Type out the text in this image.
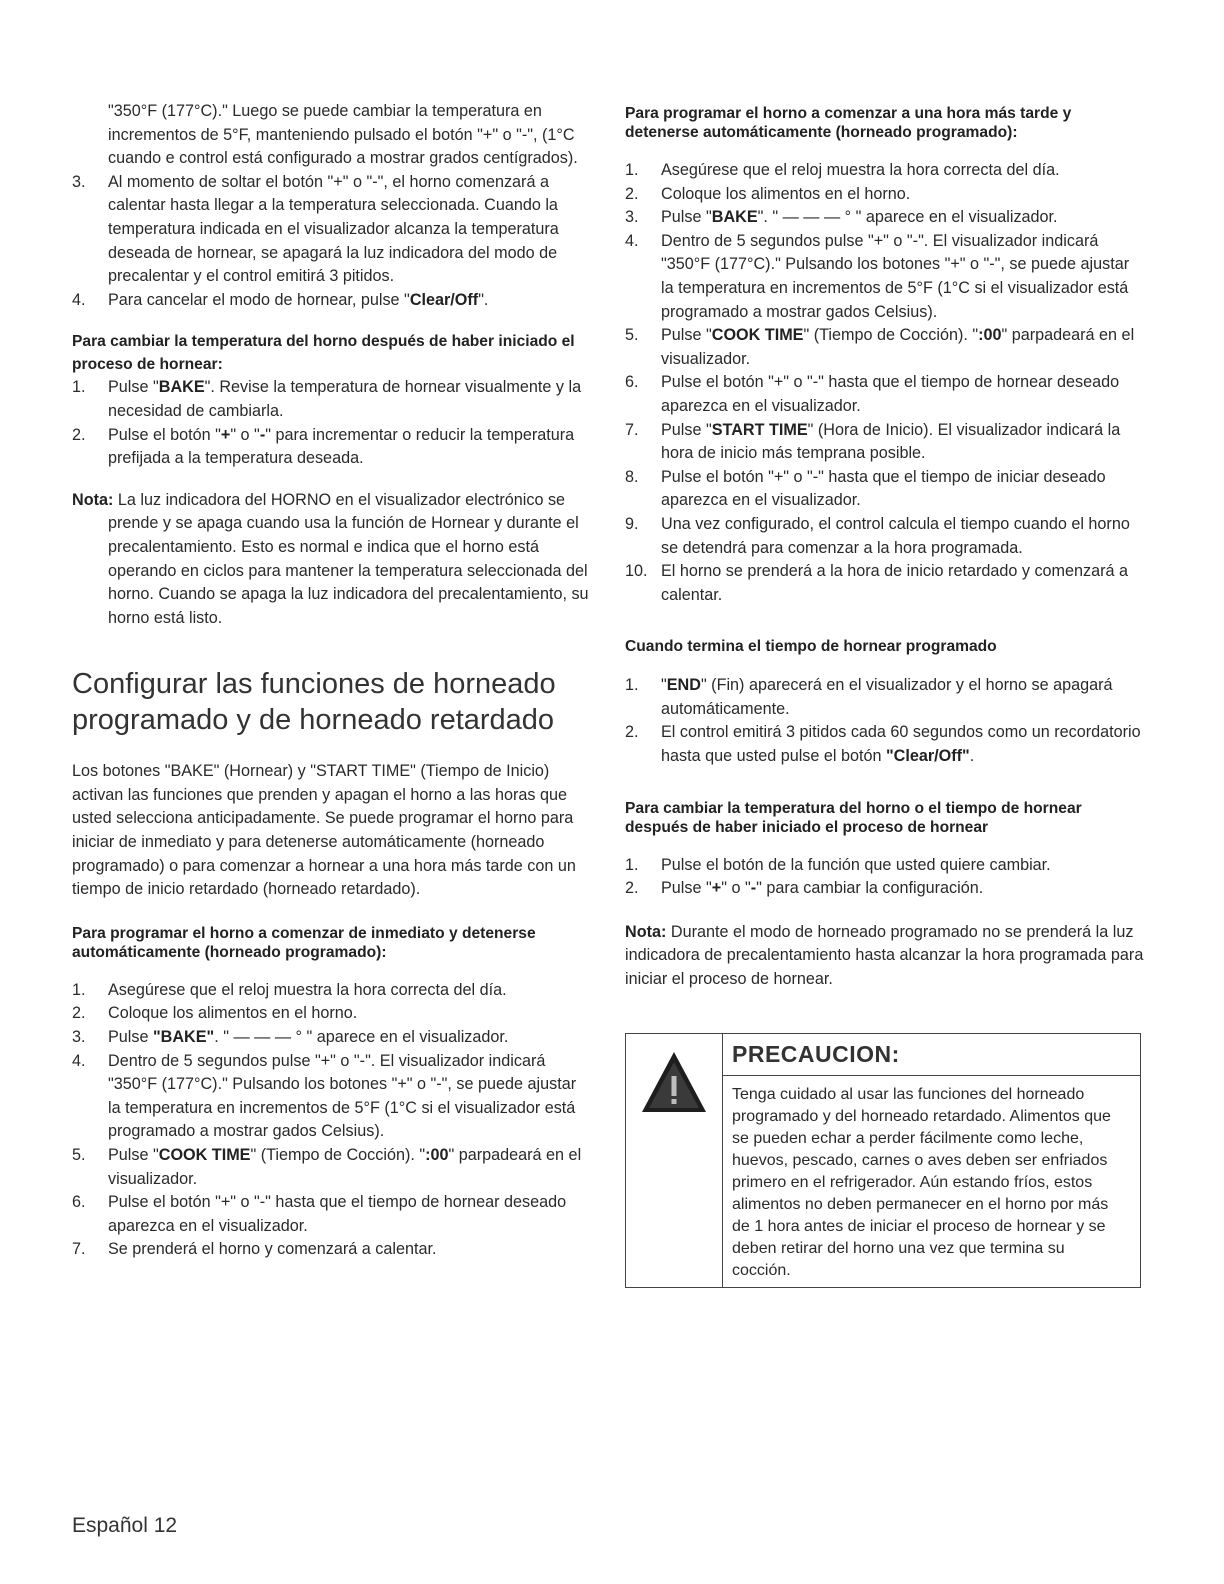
"350°F (177°C)." Luego se puede cambiar la temperatura en incrementos de 5°F, manteniendo pulsado el botón "+" o "-", (1°C cuando e control está configurado a mostrar grados centígrados).

3. Al momento de soltar el botón "+" o "-", el horno comenzará a calentar hasta llegar a la temperatura seleccionada. Cuando la temperatura indicada en el visualizador alcanza la temperatura deseada de hornear, se apagará la luz indicadora del modo de precalentar y el control emitirá 3 pitidos.
4. Para cancelar el modo de hornear, pulse "Clear/Off".
Para cambiar la temperatura del horno después de haber iniciado el proceso de hornear:
1. Pulse "BAKE". Revise la temperatura de hornear visualmente y la necesidad de cambiarla.
2. Pulse el botón "+" o "-" para incrementar o reducir la temperatura prefijada a la temperatura deseada.

Nota: La luz indicadora del HORNO en el visualizador electrónico se prende y se apaga cuando usa la función de Hornear y durante el precalentamiento. Esto es normal e indica que el horno está operando en ciclos para mantener la temperatura seleccionada del horno. Cuando se apaga la luz indicadora del precalentamiento, su horno está listo.

Configurar las funciones de horneado programado y de horneado retardado

Los botones "BAKE" (Hornear) y "START TIME" (Tiempo de Inicio) activan las funciones que prenden y apagan el horno a las horas que usted selecciona anticipadamente. Se puede programar el horno para iniciar de inmediato y para detenerse automáticamente (horneado programado) o para comenzar a hornear a una hora más tarde con un tiempo de inicio retardado (horneado retardado).

Para programar el horno a comenzar de inmediato y detenerse automáticamente (horneado programado):
1. Asegúrese que el reloj muestra la hora correcta del día.
2. Coloque los alimentos en el horno.
3. Pulse "BAKE". " — — — ° " aparece en el visualizador.
4. Dentro de 5 segundos pulse "+" o "-". El visualizador indicará "350°F (177°C)." Pulsando los botones "+" o "-", se puede ajustar la temperatura en incrementos de 5°F (1°C si el visualizador está programado a mostrar gados Celsius).
5. Pulse "COOK TIME" (Tiempo de Cocción). ":00" parpadeará en el visualizador.
6. Pulse el botón "+" o "-" hasta que el tiempo de hornear deseado aparezca en el visualizador.
7. Se prenderá el horno y comenzará a calentar.
Para programar el horno a comenzar a una hora más tarde y detenerse automáticamente (horneado programado):
1. Asegúrese que el reloj muestra la hora correcta del día.
2. Coloque los alimentos en el horno.
3. Pulse "BAKE". " — — — ° " aparece en el visualizador.
4. Dentro de 5 segundos pulse "+" o "-". El visualizador indicará "350°F (177°C)." Pulsando los botones "+" o "-", se puede ajustar la temperatura en incrementos de 5°F (1°C si el visualizador está programado a mostrar gados Celsius).
5. Pulse "COOK TIME" (Tiempo de Cocción). ":00" parpadeará en el visualizador.
6. Pulse el botón "+" o "-" hasta que el tiempo de hornear deseado aparezca en el visualizador.
7. Pulse "START TIME" (Hora de Inicio). El visualizador indicará la hora de inicio más temprana posible.
8. Pulse el botón "+" o "-" hasta que el tiempo de iniciar deseado aparezca en el visualizador.
9. Una vez configurado, el control calcula el tiempo cuando el horno se detendrá para comenzar a la hora programada.
10. El horno se prenderá a la hora de inicio retardado y comenzará a calentar.
Cuando termina el tiempo de hornear programado
1. "END" (Fin) aparecerá en el visualizador y el horno se apagará automáticamente.
2. El control emitirá 3 pitidos cada 60 segundos como un recordatorio hasta que usted pulse el botón "Clear/Off".
Para cambiar la temperatura del horno o el tiempo de hornear después de haber iniciado el proceso de hornear
1. Pulse el botón de la función que usted quiere cambiar.
2. Pulse "+" o "-" para cambiar la configuración.

Nota: Durante el modo de horneado programado no se prenderá la luz indicadora de precalentamiento hasta alcanzar la hora programada para iniciar el proceso de hornear.

PRECAUCION:
Tenga cuidado al usar las funciones del horneado programado y del horneado retardado. Alimentos que se pueden echar a perder fácilmente como leche, huevos, pescado, carnes o aves deben ser enfriados primero en el refrigerador. Aún estando fríos, estos alimentos no deben permanecer en el horno por más de 1 hora antes de iniciar el proceso de hornear y se deben retirar del horno una vez que termina su cocción.
Español 12
